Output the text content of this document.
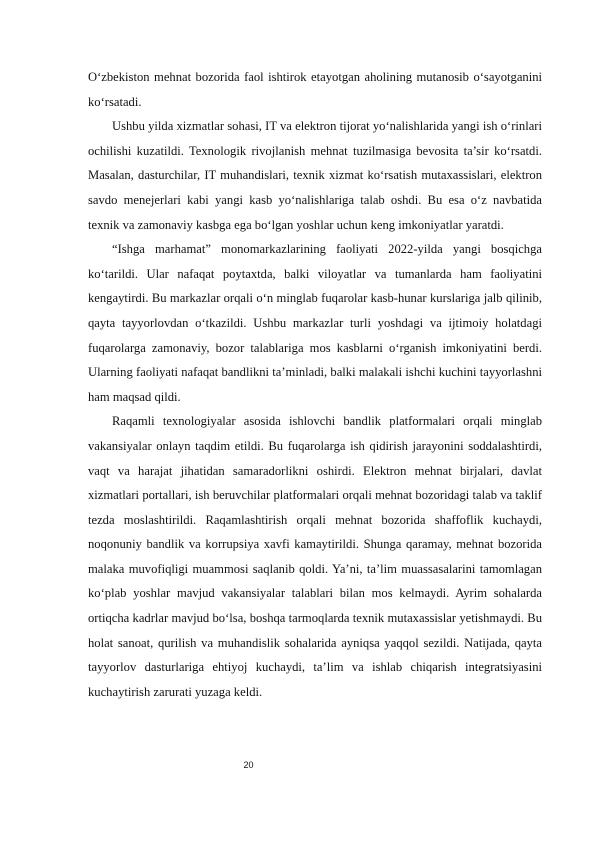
O‘zbekiston mehnat bozorida faol ishtirok etayotgan aholining mutanosib o‘sayotganini ko‘rsatadi.

Ushbu yilda xizmatlar sohasi, IT va elektron tijorat yo‘nalishlarida yangi ish o‘rinlari ochilishi kuzatildi. Texnologik rivojlanish mehnat tuzilmasiga bevosita ta’sir ko‘rsatdi. Masalan, dasturchilar, IT muhandislari, texnik xizmat ko‘rsatish mutaxassislari, elektron savdo menejerlari kabi yangi kasb yo‘nalishlariga talab oshdi. Bu esa o‘z navbatida texnik va zamonaviy kasbga ega bo‘lgan yoshlar uchun keng imkoniyatlar yaratdi.

“Ishga marhamat” monomarkazlarining faoliyati 2022-yilda yangi bosqichga ko‘tarildi. Ular nafaqat poytaxtda, balki viloyatlar va tumanlarda ham faoliyatini kengaytirdi. Bu markazlar orqali o‘n minglab fuqarolar kasb-hunar kurslariga jalb qilinib, qayta tayyorlovdan o‘tkazildi. Ushbu markazlar turli yoshdagi va ijtimoiy holatdagi fuqarolarga zamonaviy, bozor talablariga mos kasblarni o‘rganish imkoniyatini berdi. Ularning faoliyati nafaqat bandlikni ta’minladi, balki malakali ishchi kuchini tayyorlashni ham maqsad qildi.

Raqamli texnologiyalar asosida ishlovchi bandlik platformalari orqali minglab vakansiyalar onlayn taqdim etildi. Bu fuqarolarga ish qidirish jarayonini soddalashtirdi, vaqt va harajat jihatidan samaradorlikni oshirdi. Elektron mehnat birjalari, davlat xizmatlari portallari, ish beruvchilar platformalari orqali mehnat bozoridagi talab va taklif tezda moslashtirildi. Raqamlashtirish orqali mehnat bozorida shaffoflik kuchaydi, noqonuniy bandlik va korrupsiya xavfi kamaytirildi. Shunga qaramay, mehnat bozorida malaka muvofiqligi muammosi saqlanib qoldi. Ya’ni, ta’lim muassasalarini tamomlagan ko‘plab yoshlar mavjud vakansiyalar talablari bilan mos kelmaydi. Ayrim sohalarda ortiqcha kadrlar mavjud bo‘lsa, boshqa tarmoqlarda texnik mutaxassislar yetishmaydi. Bu holat sanoat, qurilish va muhandislik sohalarida ayniqsa yaqqol sezildi. Natijada, qayta tayyorlov dasturlariga ehtiyoj kuchaydi, ta’lim va ishlab chiqarish integratsiyasini kuchaytirish zarurati yuzaga keldi.

20
